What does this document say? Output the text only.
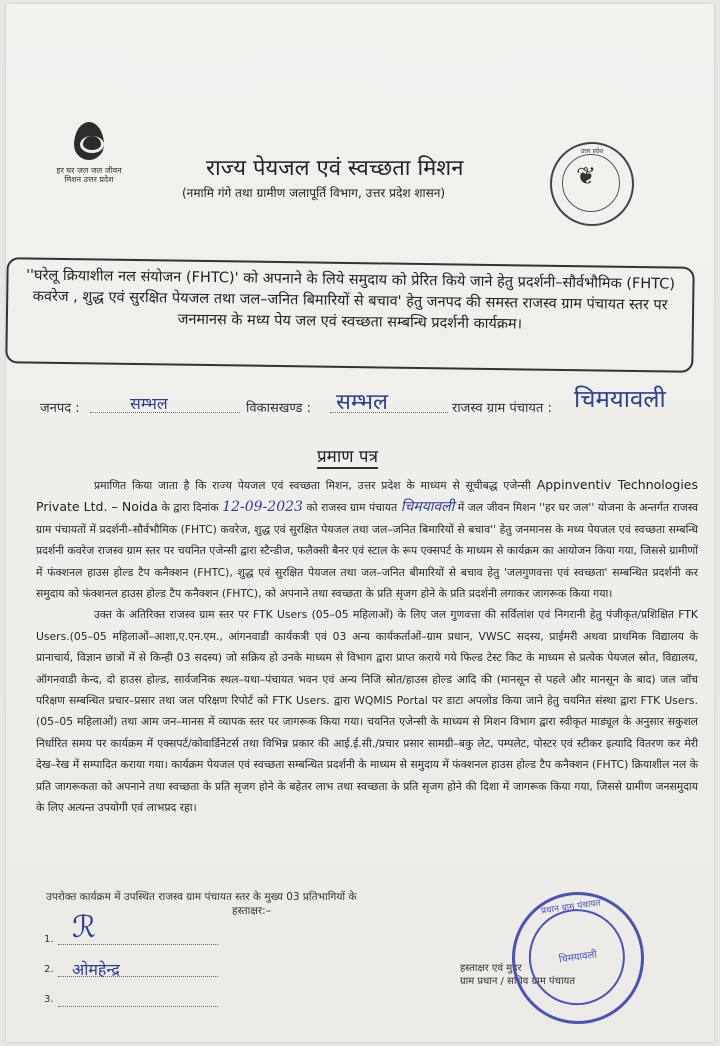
हर घर जल जल जीवन मिशन उत्तर प्रदेश
उत्तर प्रदेश
❦
राज्य पेयजल एवं स्वच्छता मिशन
(नमामि गंगे तथा ग्रामीण जलापूर्ति विभाग, उत्तर प्रदेश शासन)
''घरेलू क्रियाशील नल संयोजन (FHTC)' को अपनाने के लिये समुदाय को प्रेरित किये जाने हेतु प्रदर्शनी–सौर्वभौमिक (FHTC) कवरेज , शुद्ध एवं सुरक्षित पेयजल तथा जल–जनित बिमारियों से बचाव' हेतु जनपद की समस्त राजस्व ग्राम पंचायत स्तर पर जनमानस के मध्य पेय जल एवं स्वच्छता सम्बन्धि प्रदर्शनी कार्यक्रम।
जनपद :	सम्भल	विकासखण्ड : सम्भल	राजस्व ग्राम पंचायत : चिमयावली
प्रमाण पत्र

प्रमाणित किया जाता है कि राज्य पेयजल एवं स्वच्छता मिशन, उत्तर प्रदेश के माध्यम से सूचीबद्ध एजेन्सी Appinventiv Technologies Private Ltd. – Noida के द्वारा दिनांक 12-09-2023 को राजस्व ग्राम पंचायत चिमयावली में जल जीवन मिशन ''हर घर जल'' योजना के अन्तर्गत राजस्व ग्राम पंचायतों में प्रदर्शनी–सौर्वभौमिक (FHTC) कवरेज, शुद्ध एवं सुरक्षित पेयजल तथा जल–जनित बिमारियों से बचाव'' हेतु जनमानस के मध्य पेयजल एवं स्वच्छता सम्बन्धि प्रदर्शनी कवरेज राजस्व ग्राम स्तर पर चयनित एजेन्सी द्वारा स्टैन्डीज, फलैक्सी बैनर एवं स्टाल के रूप एक्सपर्ट के माध्यम से कार्यक्रम का आयोजन किया गया, जिससे ग्रामीणों में फंक्शनल हाउस होल्ड टैप कनैक्शन (FHTC), शुद्ध एवं सुरक्षित पेयजल तथा जल–जनित बीमारियों से बचाव हेतु 'जलगुणवत्ता एवं स्वच्छता' सम्बन्धित प्रदर्शनी कर समुदाय को फंक्शनल हाउस होल्ड टैप कनैक्शन (FHTC), को अपनाने तथा स्वच्छता के प्रति सृजग होने के प्रति प्रदर्शनी लगाकर जागरूक किया गया।

उक्त के अतिरिक्त राजस्व ग्राम स्तर पर FTK Users (05–05 महिलाओं) के लिए जल गुणवत्ता की सर्विलांश एवं निगरानी हेतु पंजीकृत/प्रशिक्षित FTK Users.(05–05 महिलाओं–आशा,ए.एन.एम., आंगनवाडी कार्यकत्री एवं 03 अन्य कार्यकर्ताओं–ग्राम प्रधान, VWSC सदस्य, प्राईमरी अथवा प्राथमिक विद्यालय के प्रानाचार्य, विज्ञान छात्रों में से किन्ही 03 सदस्य) जो सक्रिय हो उनके माध्यम से विभाग द्वारा प्राप्त कराये गये फिल्ड टेस्ट किट के माध्यम से प्रत्येक पेयजल स्रोत, विद्यालय, ऑगनवाडी केन्द, दो हाउस होल्ड, सार्वजनिक स्थल–यथा–पंचायत भवन एवं अन्य निजि स्रोत/हाउस होल्ड आदि की (मानसून से पहले और मानसून के बाद) जल जॉच परिक्षण सम्बन्धित प्रचार–प्रसार तथा जल परिक्षण रिपोर्ट को FTK Users. द्वारा WQMIS Portal पर डाटा अपलोड किया जाने हेतु चयनित संस्था द्वारा FTK Users.(05–05 महिलाओं) तथा आम जन–मानस में व्यापक स्तर पर जागरूक किया गया। चयनित एजेन्सी के माध्यम से मिशन विभाग द्वारा स्वीकृत माड्यूल के अनुसार सकुशल निर्धारित समय पर कार्यक्रम में एक्सपर्ट/कोवार्डिनेटर्स तथा विभिन्न प्रकार की आई.ई.सी./प्रचार प्रसार सामग्री–बकु लेट, पम्पलेट, पोस्टर एवं स्टीकर इत्यादि वितरण कर मेरी देख–रेख में सम्पादित कराया गया। कार्यक्रम पेयजल एवं स्वच्छता सम्बन्धित प्रदर्शनी के माध्यम से समुदाय में फंक्शनल हाउस होल्ड टैप कनैक्शन (FHTC) क्रियाशील नल के प्रति जागरूकता को अपनाने तथा स्वच्छता के प्रति सृजग होने के बहेतर लाभ तथा स्वच्छता के प्रति सृजग होने की दिशा में जागरूक किया गया, जिससे ग्रामीण जनसमुदाय के लिए अत्यन्त उपयोगी एवं लाभप्रद रहा।

उपरोक्त कार्यक्रम में उपस्थित राजस्व ग्राम पंचायत स्तर के मुख्य 03 प्रतिभागियों के
हस्ताक्षर:–
1. ℛ
2. ओमहेन्द्र
3.
हस्ताक्षर एवं मुहर
ग्राम प्रधान / सचिव ग्राम पंचायत
प्रधान ग्राम पंचायत
चिमयावली
